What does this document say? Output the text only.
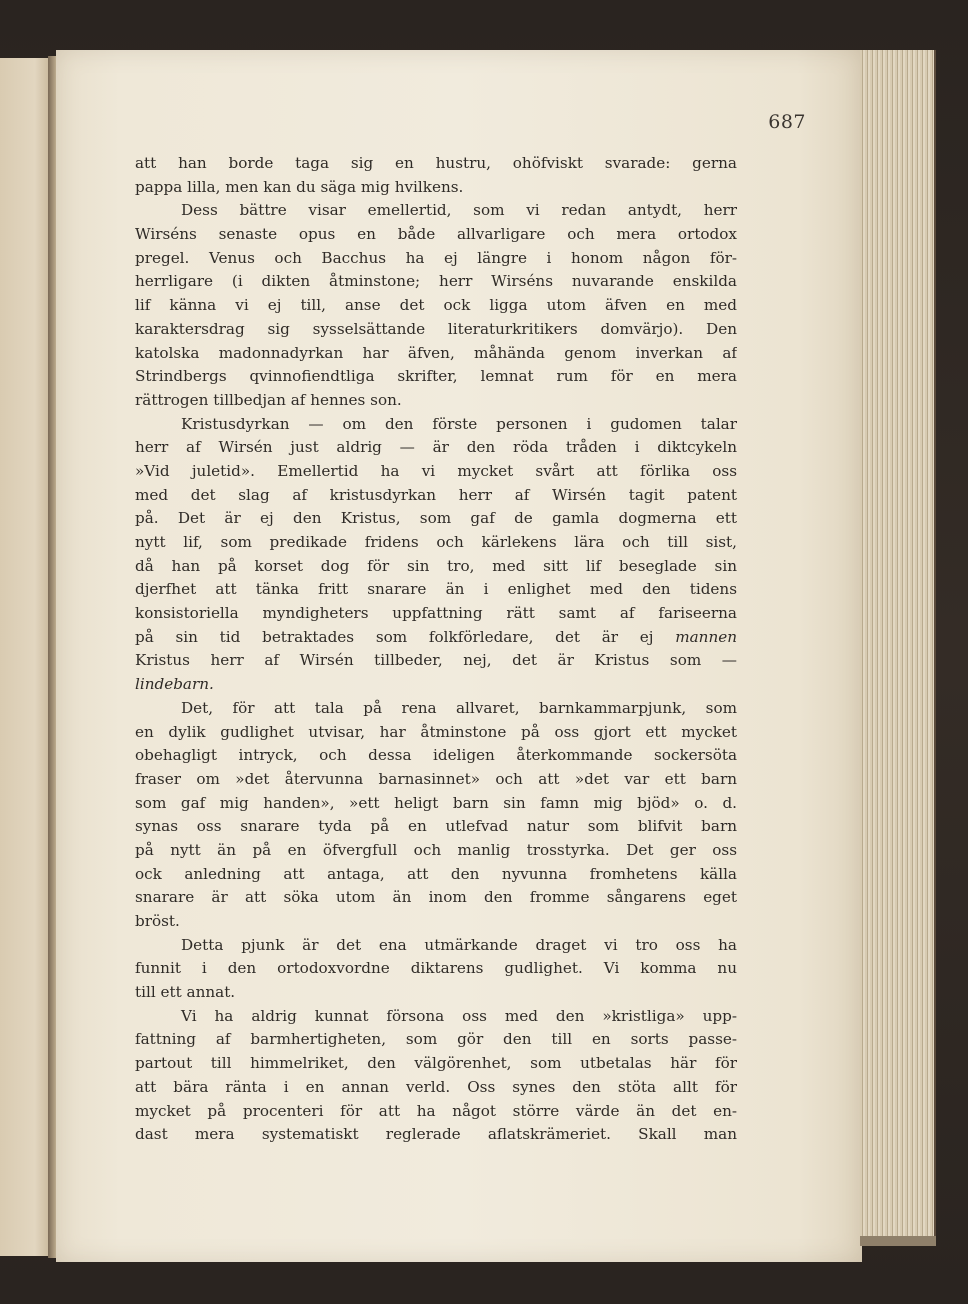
687
att han borde taga sig en hustru, ohöfviskt svarade: gerna
pappa lilla, men kan du säga mig hvilkens.
Dess bättre visar emellertid, som vi redan antydt, herr
Wirséns senaste opus en både allvarligare och mera ortodox
pregel. Venus och Bacchus ha ej längre i honom någon för-
herrligare (i dikten åtminstone; herr Wirséns nuvarande enskilda
lif känna vi ej till, anse det ock ligga utom äfven en med
karaktersdrag sig sysselsättande literaturkritikers domvärjo). Den
katolska madonnadyrkan har äfven, måhända genom inverkan af
Strindbergs qvinnofiendtliga skrifter, lemnat rum för en mera
rättrogen tillbedjan af hennes son.
Kristusdyrkan — om den förste personen i gudomen talar
herr af Wirsén just aldrig — är den röda tråden i diktcykeln
»Vid juletid». Emellertid ha vi mycket svårt att förlika oss
med det slag af kristusdyrkan herr af Wirsén tagit patent
på. Det är ej den Kristus, som gaf de gamla dogmerna ett
nytt lif, som predikade fridens och kärlekens lära och till sist,
då han på korset dog för sin tro, med sitt lif beseglade sin
djerfhet att tänka fritt snarare än i enlighet med den tidens
konsistoriella myndigheters uppfattning rätt samt af fariseerna
på sin tid betraktades som folkförledare, det är ej mannen
Kristus herr af Wirsén tillbeder, nej, det är Kristus som —
lindebarn.
Det, för att tala på rena allvaret, barnkammarpjunk, som
en dylik gudlighet utvisar, har åtminstone på oss gjort ett mycket
obehagligt intryck, och dessa ideligen återkommande sockersöta
fraser om »det återvunna barnasinnet» och att »det var ett barn
som gaf mig handen», »ett heligt barn sin famn mig bjöd» o. d.
synas oss snarare tyda på en utlefvad natur som blifvit barn
på nytt än på en öfvergfull och manlig trosstyrka. Det ger oss
ock anledning att antaga, att den nyvunna fromhetens källa
snarare är att söka utom än inom den fromme sångarens eget
bröst.
Detta pjunk är det ena utmärkande draget vi tro oss ha
funnit i den ortodoxvordne diktarens gudlighet. Vi komma nu
till ett annat.
Vi ha aldrig kunnat försona oss med den »kristliga» upp-
fattning af barmhertigheten, som gör den till en sorts passe-
partout till himmelriket, den välgörenhet, som utbetalas här för
att bära ränta i en annan verld. Oss synes den stöta allt för
mycket på procenteri för att ha något större värde än det en-
dast mera systematiskt reglerade aflatskrämeriet. Skall man
